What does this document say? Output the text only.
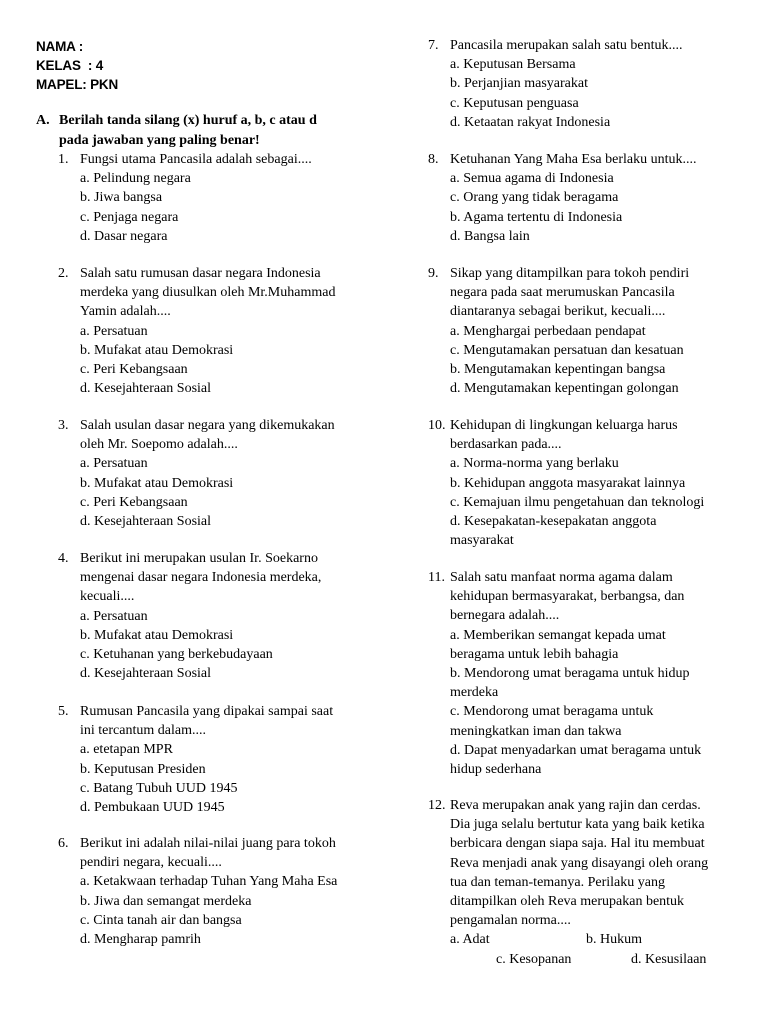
NAMA :
KELAS  : 4
MAPEL: PKN
A. Berilah tanda silang (x) huruf a, b, c atau d
pada jawaban yang paling benar!
1. Fungsi utama Pancasila adalah sebagai....
a. Pelindung negara
b. Jiwa bangsa
c. Penjaga negara
d. Dasar negara
2. Salah satu rumusan dasar negara Indonesia
merdeka yang diusulkan oleh Mr.Muhammad
Yamin adalah....
a. Persatuan
b. Mufakat atau Demokrasi
c. Peri Kebangsaan
d. Kesejahteraan Sosial
3. Salah usulan dasar negara yang dikemukakan
oleh Mr. Soepomo adalah....
a. Persatuan
b. Mufakat atau Demokrasi
c. Peri Kebangsaan
d. Kesejahteraan Sosial
4. Berikut ini merupakan usulan Ir. Soekarno
mengenai dasar negara Indonesia merdeka,
kecuali....
a. Persatuan
b. Mufakat atau Demokrasi
c. Ketuhanan yang berkebudayaan
d. Kesejahteraan Sosial
5. Rumusan Pancasila yang dipakai sampai saat
ini tercantum dalam....
a. etetapan MPR
b. Keputusan Presiden
c. Batang Tubuh UUD 1945
d. Pembukaan UUD 1945
6. Berikut ini adalah nilai-nilai juang para tokoh
pendiri negara, kecuali....
a. Ketakwaan terhadap Tuhan Yang Maha Esa
b. Jiwa dan semangat merdeka
c. Cinta tanah air dan bangsa
d. Mengharap pamrih
7. Pancasila merupakan salah satu bentuk....
a. Keputusan Bersama
b. Perjanjian masyarakat
c. Keputusan penguasa
d. Ketaatan rakyat Indonesia
8. Ketuhanan Yang Maha Esa berlaku untuk....
a. Semua agama di Indonesia
c. Orang yang tidak beragama
b. Agama tertentu di Indonesia
d. Bangsa lain
9. Sikap yang ditampilkan para tokoh pendiri
negara pada saat merumuskan Pancasila
diantaranya sebagai berikut, kecuali....
a. Menghargai perbedaan pendapat
c. Mengutamakan persatuan dan kesatuan
b. Mengutamakan kepentingan bangsa
d. Mengutamakan kepentingan golongan
10. Kehidupan di lingkungan keluarga harus
berdasarkan pada....
a. Norma-norma yang berlaku
b. Kehidupan anggota masyarakat lainnya
c. Kemajuan ilmu pengetahuan dan teknologi
d. Kesepakatan-kesepakatan anggota
masyarakat
11. Salah satu manfaat norma agama dalam
kehidupan bermasyarakat, berbangsa, dan
bernegara adalah....
a. Memberikan semangat kepada umat
beragama untuk lebih bahagia
b. Mendorong umat beragama untuk hidup
merdeka
c. Mendorong umat beragama untuk
meningkatkan iman dan takwa
d. Dapat menyadarkan umat beragama untuk
hidup sederhana
12. Reva merupakan anak yang rajin dan cerdas.
Dia juga selalu bertutur kata yang baik ketika
berbicara dengan siapa saja. Hal itu membuat
Reva menjadi anak yang disayangi oleh orang
tua dan teman-temanya. Perilaku yang
ditampilkan oleh Reva merupakan bentuk
pengamalan norma....
a. Adat	b. Hukum
c. Kesopanan	d. Kesusilaan
